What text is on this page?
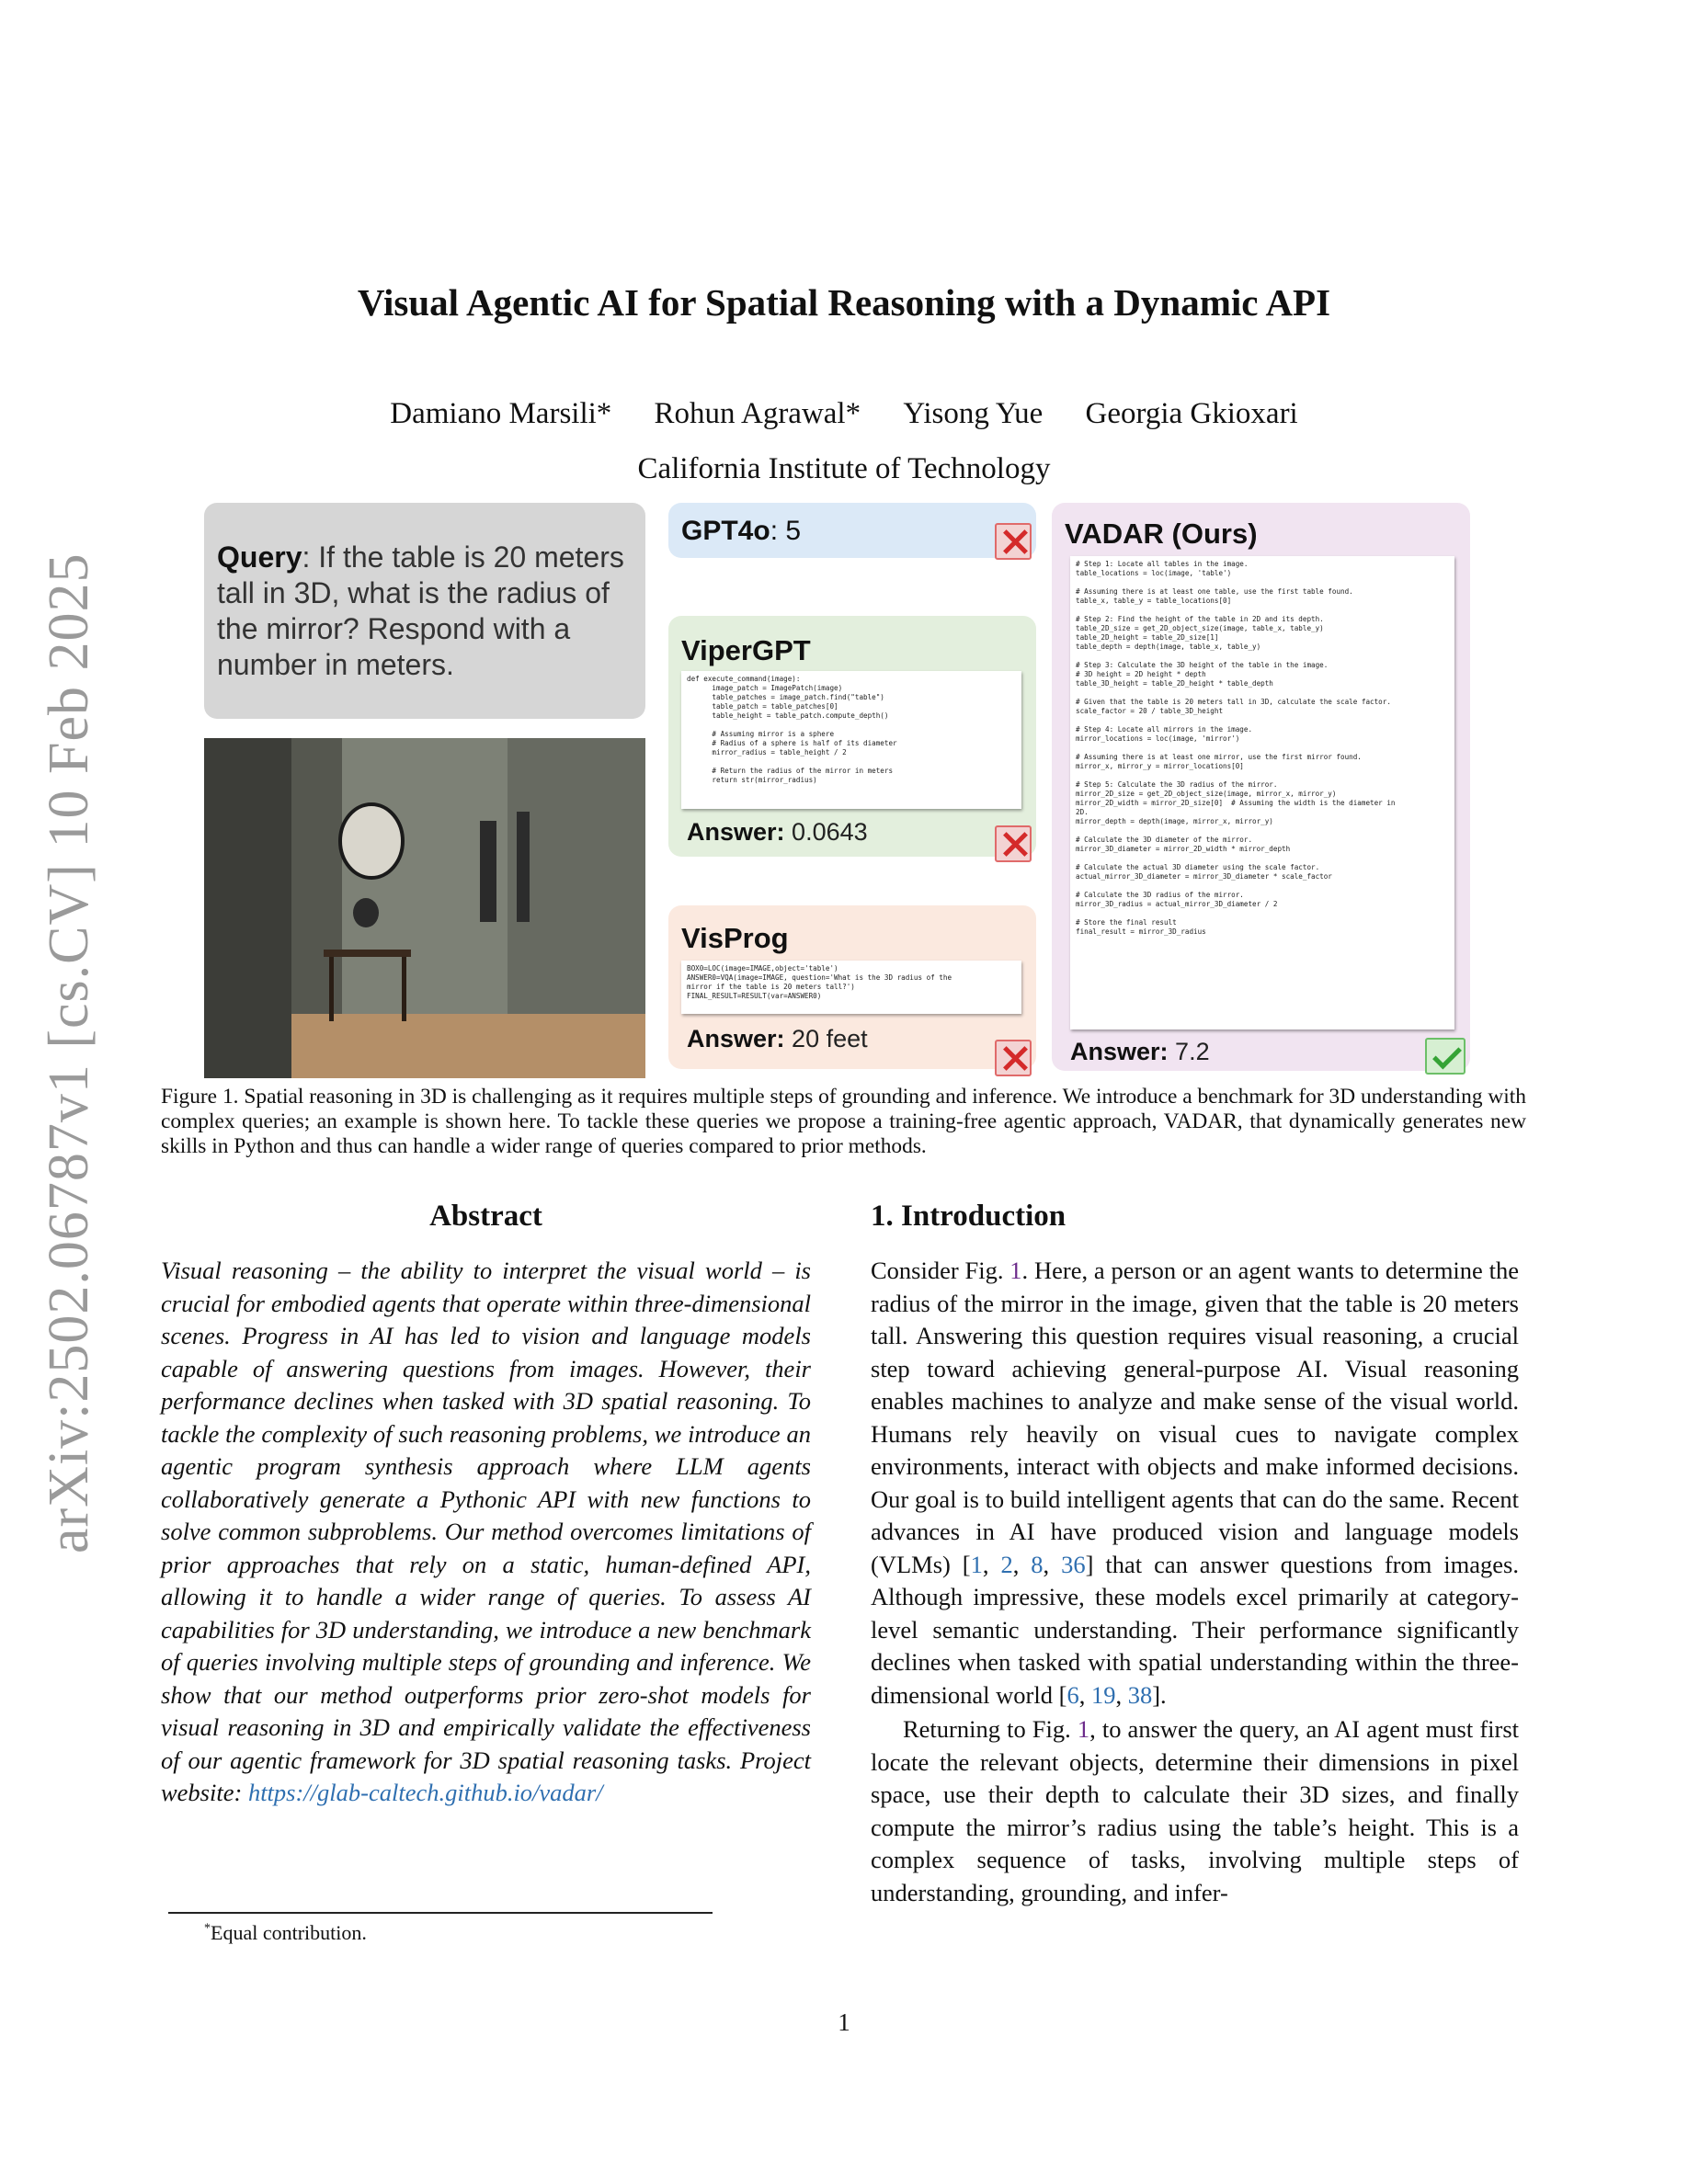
arXiv:2502.06787v1 [cs.CV] 10 Feb 2025
Visual Agentic AI for Spatial Reasoning with a Dynamic API
Damiano Marsili* Rohun Agrawal* Yisong Yue Georgia Gkioxari
California Institute of Technology
Query: If the table is 20 meters tall in 3D, what is the radius of the mirror? Respond with a number in meters.
GPT4o: 5
ViperGPT
def execute_command(image):
image_patch = ImagePatch(image)
table_patches = image_patch.find("table")
table_patch = table_patches[0]
table_height = table_patch.compute_depth()

# Assuming mirror is a sphere
# Radius of a sphere is half of its diameter
mirror_radius = table_height / 2

# Return the radius of the mirror in meters
return str(mirror_radius)
Answer: 0.0643
VisProg
BOX0=LOC(image=IMAGE,object='table')
ANSWER0=VQA(image=IMAGE, question='What is the 3D radius of the
mirror if the table is 20 meters tall?')
FINAL_RESULT=RESULT(var=ANSWER0)
Answer: 20 feet
VADAR (Ours)
# Step 1: Locate all tables in the image.
table_locations = loc(image, 'table')

# Assuming there is at least one table, use the first table found.
table_x, table_y = table_locations[0]

# Step 2: Find the height of the table in 2D and its depth.
table_2D_size = get_2D_object_size(image, table_x, table_y)
table_2D_height = table_2D_size[1]
table_depth = depth(image, table_x, table_y)

# Step 3: Calculate the 3D height of the table in the image.
# 3D height = 2D height * depth
table_3D_height = table_2D_height * table_depth

# Given that the table is 20 meters tall in 3D, calculate the scale factor.
scale_factor = 20 / table_3D_height

# Step 4: Locate all mirrors in the image.
mirror_locations = loc(image, 'mirror')

# Assuming there is at least one mirror, use the first mirror found.
mirror_x, mirror_y = mirror_locations[0]

# Step 5: Calculate the 3D radius of the mirror.
mirror_2D_size = get_2D_object_size(image, mirror_x, mirror_y)
mirror_2D_width = mirror_2D_size[0]  # Assuming the width is the diameter in
2D.
mirror_depth = depth(image, mirror_x, mirror_y)

# Calculate the 3D diameter of the mirror.
mirror_3D_diameter = mirror_2D_width * mirror_depth

# Calculate the actual 3D diameter using the scale factor.
actual_mirror_3D_diameter = mirror_3D_diameter * scale_factor

# Calculate the 3D radius of the mirror.
mirror_3D_radius = actual_mirror_3D_diameter / 2

# Store the final result
final_result = mirror_3D_radius
Answer: 7.2
Figure 1. Spatial reasoning in 3D is challenging as it requires multiple steps of grounding and inference. We introduce a benchmark for 3D understanding with complex queries; an example is shown here. To tackle these queries we propose a training-free agentic approach, VADAR, that dynamically generates new skills in Python and thus can handle a wider range of queries compared to prior methods.
Abstract
Visual reasoning – the ability to interpret the visual world – is crucial for embodied agents that operate within three-dimensional scenes. Progress in AI has led to vision and language models capable of answering questions from images. However, their performance declines when tasked with 3D spatial reasoning. To tackle the complexity of such reasoning problems, we introduce an agentic program synthesis approach where LLM agents collaboratively generate a Pythonic API with new functions to solve common subproblems. Our method overcomes limitations of prior approaches that rely on a static, human-defined API, allowing it to handle a wider range of queries. To assess AI capabilities for 3D understanding, we introduce a new benchmark of queries involving multiple steps of grounding and inference. We show that our method outperforms prior zero-shot models for visual reasoning in 3D and empirically validate the effectiveness of our agentic framework for 3D spatial reasoning tasks. Project website: https://glab-caltech.github.io/vadar/
1. Introduction

Consider Fig. 1. Here, a person or an agent wants to determine the radius of the mirror in the image, given that the table is 20 meters tall. Answering this question requires visual reasoning, a crucial step toward achieving general-purpose AI. Visual reasoning enables machines to analyze and make sense of the visual world. Humans rely heavily on visual cues to navigate complex environments, interact with objects and make informed decisions. Our goal is to build intelligent agents that can do the same. Recent advances in AI have produced vision and language models (VLMs) [1, 2, 8, 36] that can answer questions from images. Although impressive, these models excel primarily at category-level semantic understanding. Their performance significantly declines when tasked with spatial understanding within the three-dimensional world [6, 19, 38].

Returning to Fig. 1, to answer the query, an AI agent must first locate the relevant objects, determine their dimensions in pixel space, use their depth to calculate their 3D sizes, and finally compute the mirror’s radius using the table’s height. This is a complex sequence of tasks, involving multiple steps of understanding, grounding, and infer-

*Equal contribution.
1
